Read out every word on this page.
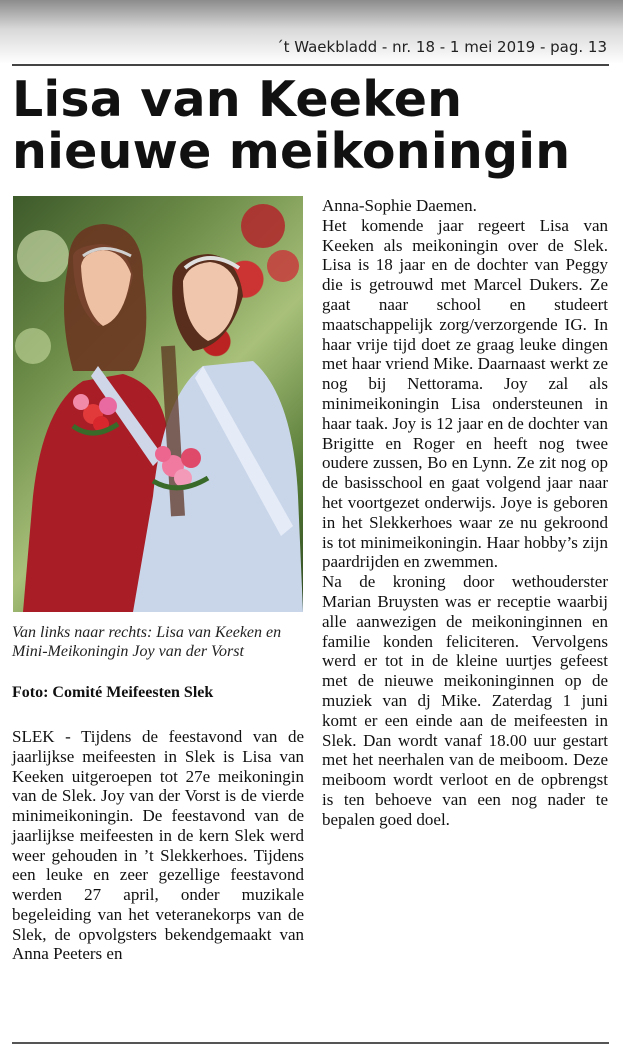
´t Waekbladd - nr. 18 - 1 mei 2019 - pag. 13
Lisa van Keeken
nieuwe meikoningin
Van links naar rechts: Lisa van Keeken en Mini-Meikoningin Joy van der Vorst
Foto: Comité Meifeesten Slek

SLEK - Tijdens de feestavond van de jaarlijkse meifeesten in Slek is Lisa van Keeken uitgeroepen tot 27e meikoningin van de Slek. Joy van der Vorst is de vierde minimeikoningin. De feestavond van de jaarlijkse meifeesten in de kern Slek werd weer gehouden in ’t Slekkerhoes. Tijdens een leuke en zeer gezellige feestavond werden 27 april, onder muzikale begeleiding van het veteranekorps van de Slek, de opvolgsters bekendgemaakt van Anna Peeters en

Anna-Sophie Daemen.

Het komende jaar regeert Lisa van Keeken als meikoningin over de Slek. Lisa is 18 jaar en de dochter van Peggy die is getrouwd met Marcel Dukers. Ze gaat naar school en studeert maatschappelijk zorg/verzorgende IG. In haar vrije tijd doet ze graag leuke dingen met haar vriend Mike. Daarnaast werkt ze nog bij Nettorama. Joy zal als minimeikoningin Lisa ondersteunen in haar taak. Joy is 12 jaar en de dochter van Brigitte en Roger en heeft nog twee oudere zussen, Bo en Lynn. Ze zit nog op de basisschool en gaat volgend jaar naar het voortgezet onderwijs. Joye is geboren in het Slekkerhoes waar ze nu gekroond is tot minimeikoningin. Haar hobby’s zijn paardrijden en zwemmen.

Na de kroning door wethouderster Marian Bruysten was er receptie waarbij alle aanwezigen de meikoninginnen en familie konden feliciteren. Vervolgens werd er tot in de kleine uurtjes gefeest met de nieuwe meikoninginnen op de muziek van dj Mike. Zaterdag 1 juni komt er een einde aan de meifeesten in Slek. Dan wordt vanaf 18.00 uur gestart met het neerhalen van de meiboom. Deze meiboom wordt verloot en de opbrengst is ten behoeve van een nog nader te bepalen goed doel.
